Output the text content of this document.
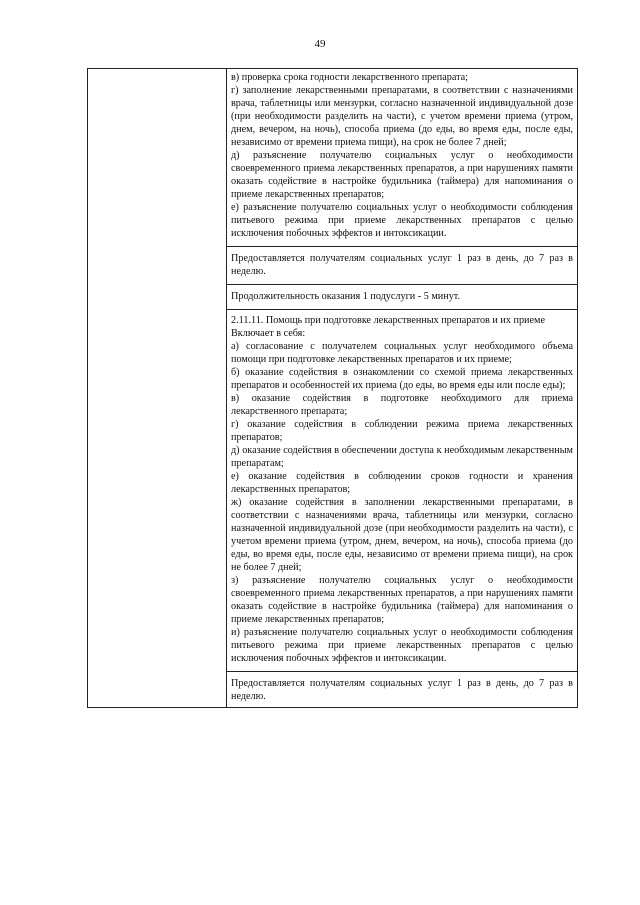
49

в) проверка срока годности лекарственного препарата;
г) заполнение лекарственными препаратами, в соответствии с назначениями врача, таблетницы или мензурки, согласно назначенной индивидуальной дозе (при необходимости разделить на части), с учетом времени приема (утром, днем, вечером, на ночь), способа приема (до еды, во время еды, после еды, независимо от времени приема пищи), на срок не более 7 дней;
д) разъяснение получателю социальных услуг о необходимости своевременного приема лекарственных препаратов, а при нарушениях памяти оказать содействие в настройке будильника (таймера) для напоминания о приеме лекарственных препаратов;
е) разъяснение получателю социальных услуг о необходимости соблюдения питьевого режима при приеме лекарственных препаратов с целью исключения побочных эффектов и интоксикации.

Предоставляется получателям социальных услуг 1 раз в день, до 7 раз в неделю.

Продолжительность оказания 1 подуслуги - 5 минут.

2.11.11. Помощь при подготовке лекарственных препаратов и их приеме
Включает в себя:
а) согласование с получателем социальных услуг необходимого объема помощи при подготовке лекарственных препаратов и их приеме;
б) оказание содействия в ознакомлении со схемой приема лекарственных препаратов и особенностей их приема (до еды, во время еды или после еды);
в) оказание содействия в подготовке необходимого для приема лекарственного препарата;
г) оказание содействия в соблюдении режима приема лекарственных препаратов;
д) оказание содействия в обеспечении доступа к необходимым лекарственным препаратам;
е) оказание содействия в соблюдении сроков годности и хранения лекарственных препаратов;
ж) оказание содействия в заполнении лекарственными препаратами, в соответствии с назначениями врача, таблетницы или мензурки, согласно назначенной индивидуальной дозе (при необходимости разделить на части), с учетом времени приема (утром, днем, вечером, на ночь), способа приема (до еды, во время еды, после еды, независимо от времени приема пищи), на срок не более 7 дней;
з) разъяснение получателю социальных услуг о необходимости своевременного приема лекарственных препаратов, а при нарушениях памяти оказать содействие в настройке будильника (таймера) для напоминания о приеме лекарственных препаратов;
и) разъяснение получателю социальных услуг о необходимости соблюдения питьевого режима при приеме лекарственных препаратов с целью исключения побочных эффектов и интоксикации.

Предоставляется получателям социальных услуг 1 раз в день, до 7 раз в неделю.
